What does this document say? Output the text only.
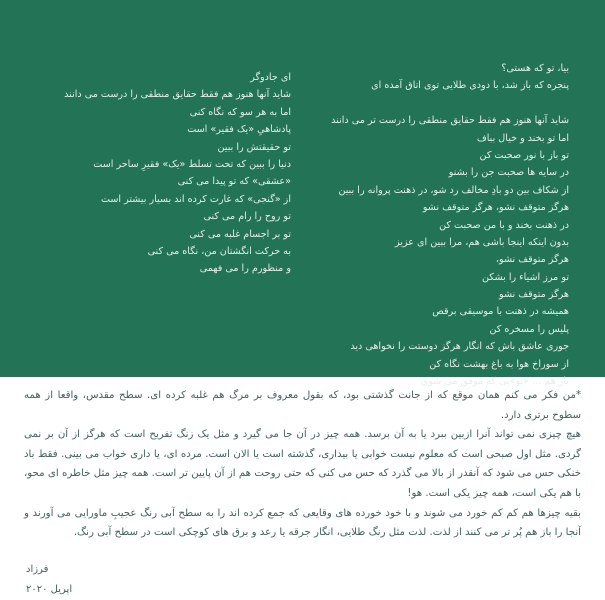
بیا، تو که هستی؟
پنجره که باز شد، با دودی طلایی توی اتاق آمده ای
شاید آنها هنوز هم فقط حقایق منطقی را درست تر می دانند
اما تو بخند و خیال بباف
تو باز با نور صحبت کن
در سایه ها صحبت جن را بشنو
از شکاف بین دو بادِ مخالف رد شو، در ذهنت پروانه را ببین
هرگز متوقف نشو، هرگز متوقف نشو
در ذهنت بخند و با من صحبت کن
بدون اینکه اینجا باشی هم، مرا ببین ای عزیز
هرگز متوقف نشو،
تو مرز اشیاء را بشکن
هرگز متوقف نشو
همیشه در ذهنت با موسیقی برقص
پلیس را مسخره کن
جوری عاشق باش که انگار هرگز دوستت را نخواهی دید
از سوراخ هوا به باغ بهشت نگاه کن
باز هم ... «تو»یی که موفق می شوی
ای جادوگر
شاید آنها هنوز هم فقط حقایق منطقی را درست می دانند
اما به هر سو که نگاه کنی
پادشاهیِ «یک فقیر» است
تو حقیقتش را ببین
دنیا را ببین که تحت تسلط «یک» فقیرِ ساحر است
«عشقی» که تو پیدا می کنی
از «گنجی» که غارت کرده اند بسیار بیشتر است
تو روح را رام می کنی
تو بر اجسام غلبه می کنی
به حرکت انگشتان من، نگاه می کنی
و منظورم را می فهمی

*من فکر می کنم همان موقع که از جانت گذشتی بود، که بقول معروف بر مرگ هم غلبه کرده ای. سطح مقدس، واقعا از همه سطوح برتری دارد.

هیچ چیزی نمی تواند آنرا ازبین ببرد یا به آن برسد. همه چیز در آن جا می گیرد و مثل یک زنگ تفریح است که هرگز از آن بر نمی گردی. مثل اول صبحی است که معلوم نیست خوابی یا بیداری، گذشته است یا الان است. مرده ای، یا داری خواب می بینی. فقط باد خنکی حس می شود که آنقدر از بالا می گذرد که حس می کنی که حتی روحت هم از آن پایین تر است. همه چیز مثل خاطره ای محو، با هم یکی است، همه چیز یکی است. هو!

بقیه چیزها هم کم کم خورد می شوند و با خود خورده های وقایعی که جمع کرده اند را به سطح آبی رنگ عجیبِ ماورایی می آورند و آنجا را باز هم پُر تر می کنند از لذت. لذت مثل رنگ طلایی، انگار جرقه یا رعد و برق های کوچکی است در سطح آبی رنگ.

فرزاد
اپریل ۲۰۲۰
